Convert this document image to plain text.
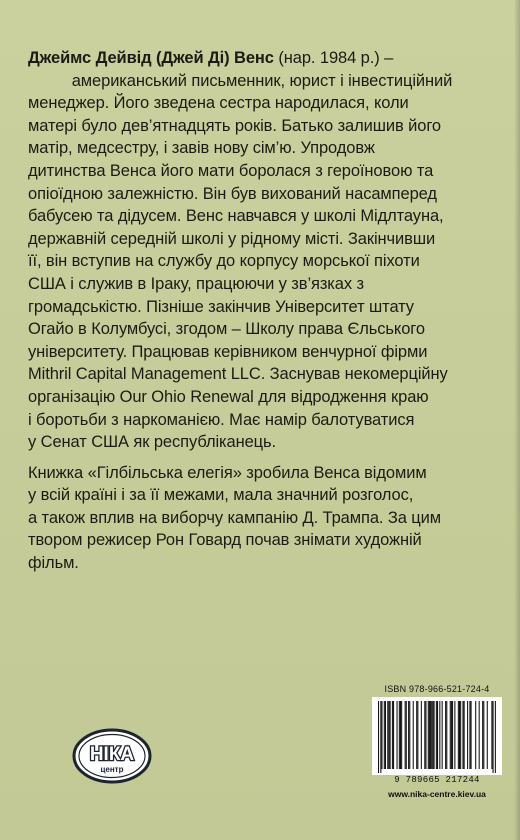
Джеймс Дейвід (Джей Ді) Венс (нар. 1984 р.) –
американський письменник, юрист і інвестиційний
менеджер. Його зведена сестра народилася, коли
матері було дев’ятнадцять років. Батько залишив його
матір, медсестру, і завів нову сім’ю. Упродовж
дитинства Венса його мати боролася з героїновою та
опіоїдною залежністю. Він був вихований насамперед
бабусею та дідусем. Венс навчався у школі Мідлтауна,
державній середній школі у рідному місті. Закінчивши
її, він вступив на службу до корпусу морської піхоти
США і служив в Іраку, працюючи у зв’язках з
громадськістю. Пізніше закінчив Університет штату
Огайо в Колумбусі, згодом – Школу права Єльського
університету. Працював керівником венчурної фірми
Mithril Capital Management LLC. Заснував некомерційну
організацію Our Ohio Renewal для відродження краю
і боротьби з наркоманією. Має намір балотуватися
у Сенат США як республіканець.
Книжка «Гілбільська елегія» зробила Венса відомим
у всій країні і за її межами, мала значний розголос,
а також вплив на виборчу кампанію Д. Трампа. За цим
твором режисер Рон Говард почав знімати художній
фільм.
НІКА
центр
ISBN 978-966-521-724-4
9 789665 217244
www.nika-centre.kiev.ua
